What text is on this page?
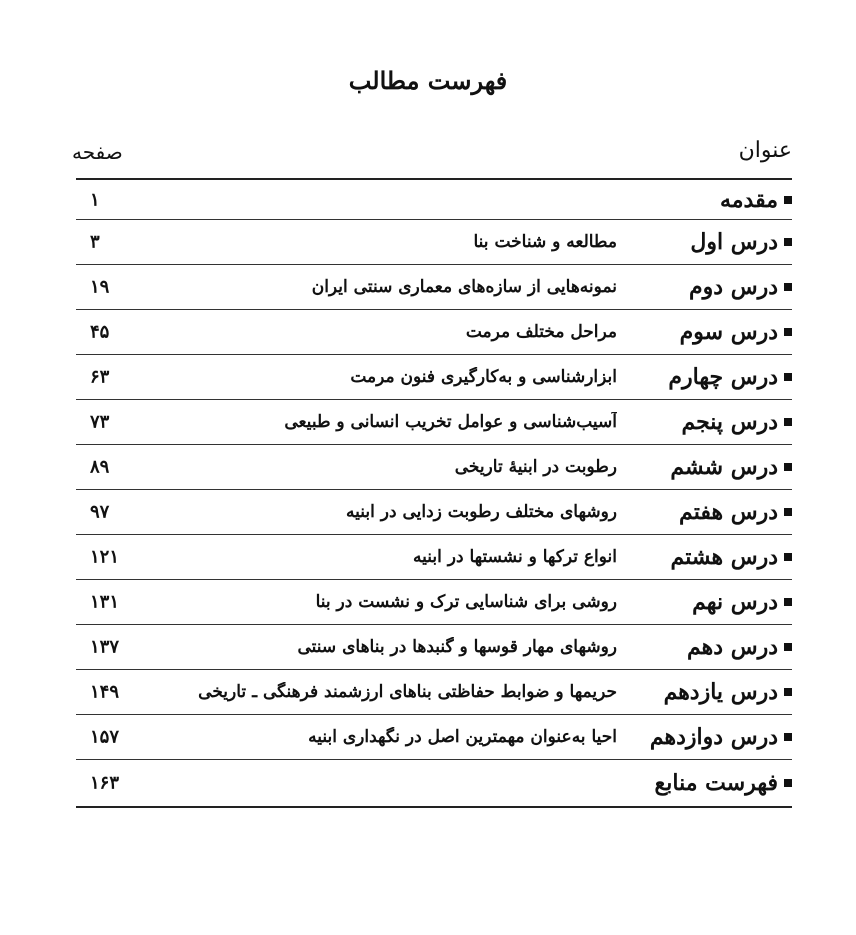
فهرست مطالب
عنوان
صفحه
مقدمه
۱
درس اول
مطالعه و شناخت بنا
۳
درس دوم
نمونه‌هایی از سازه‌های معماری سنتی ایران
۱۹
درس سوم
مراحل مختلف مرمت
۴۵
درس چهارم
ابزارشناسی و به‌کارگیری فنون مرمت
۶۳
درس پنجم
آسیب‌شناسی و عوامل تخریب انسانی و طبیعی
۷۳
درس ششم
رطوبت در ابنیهٔ تاریخی
۸۹
درس هفتم
روشهای مختلف رطوبت زدایی در ابنیه
۹۷
درس هشتم
انواع ترکها و نشستها در ابنیه
۱۲۱
درس نهم
روشی برای شناسایی ترک و نشست در بنا
۱۳۱
درس دهم
روشهای مهار قوسها و گنبدها در بناهای سنتی
۱۳۷
درس یازدهم
حریمها و ضوابط حفاظتی بناهای ارزشمند فرهنگی ـ تاریخی
۱۴۹
درس دوازدهم
احیا به‌عنوان مهمترین اصل در نگهداری ابنیه
۱۵۷
فهرست منابع
۱۶۳
